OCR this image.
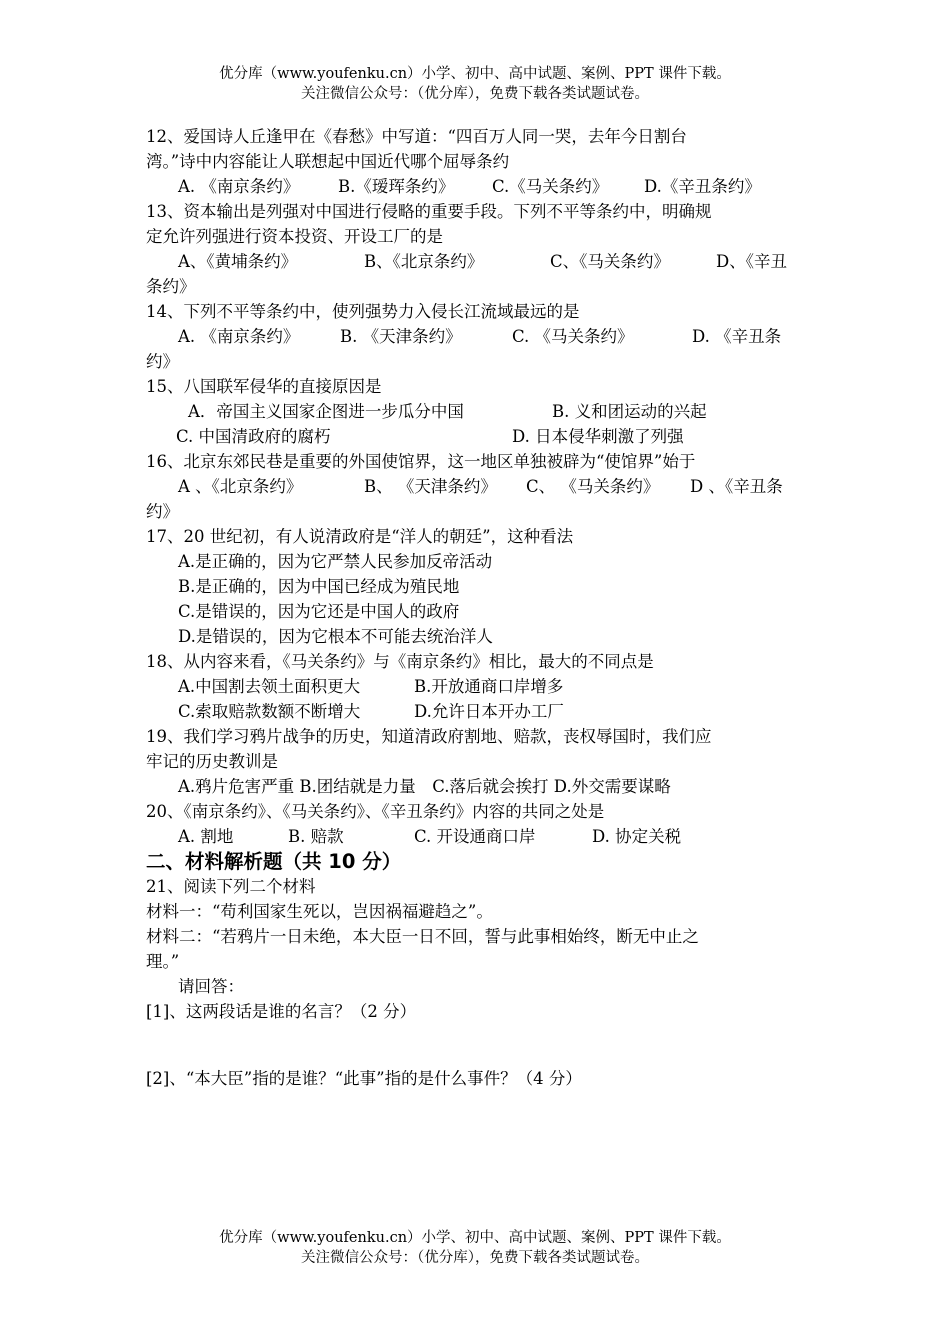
优分库（www.youfenku.cn）小学、初中、高中试题、案例、PPT 课件下载。
关注微信公众号：（优分库），免费下载各类试题试卷。
12、爱国诗人丘逢甲在《春愁》中写道：“四百万人同一哭，去年今日割台
湾。”诗中内容能让人联想起中国近代哪个屈辱条约
A. 《南京条约》 B.《瑷珲条约》 C.《马关条约》 D.《辛丑条约》
13、资本输出是列强对中国进行侵略的重要手段。下列不平等条约中，明确规
定允许列强进行资本投资、开设工厂的是
A、《黄埔条约》	B、《北京条约》	C、《马关条约》	D、《辛丑
条约》
14、下列不平等条约中，使列强势力入侵长江流域最远的是
A. 《南京条约》 B. 《天津条约》	C. 《马关条约》	D. 《辛丑条
约》
15、八国联军侵华的直接原因是
A．帝国主义国家企图进一步瓜分中国	B. 义和团运动的兴起
C. 中国清政府的腐朽	D. 日本侵华刺激了列强
16、北京东郊民巷是重要的外国使馆界，这一地区单独被辟为“使馆界”始于
A 、《北京条约》	B、 《天津条约》 C、 《马关条约》 D 、《辛丑条
约》
17、20 世纪初，有人说清政府是“洋人的朝廷”，这种看法
A.是正确的，因为它严禁人民参加反帝活动
B.是正确的，因为中国已经成为殖民地
C.是错误的，因为它还是中国人的政府
D.是错误的，因为它根本不可能去统治洋人
18、从内容来看，《马关条约》与《南京条约》相比，最大的不同点是
A.中国割去领土面积更大	B.开放通商口岸增多
C.索取赔款数额不断增大	D.允许日本开办工厂
19、我们学习鸦片战争的历史，知道清政府割地、赔款，丧权辱国时，我们应
牢记的历史教训是
A.鸦片危害严重 B.团结就是力量　C.落后就会挨打 D.外交需要谋略
20、《南京条约》、《马关条约》、《辛丑条约》内容的共同之处是
A. 割地	B. 赔款	C. 开设通商口岸	D. 协定关税
二、材料解析题（共 10 分）
21、阅读下列二个材料
材料一：“苟利国家生死以，岂因祸福避趋之”。
材料二：“若鸦片一日未绝，本大臣一日不回，誓与此事相始终，断无中止之
理。”
请回答：
[1]、这两段话是谁的名言？（2 分）
[2]、“本大臣”指的是谁？“此事”指的是什么事件？（4 分）
优分库（www.youfenku.cn）小学、初中、高中试题、案例、PPT 课件下载。
关注微信公众号：（优分库），免费下载各类试题试卷。
